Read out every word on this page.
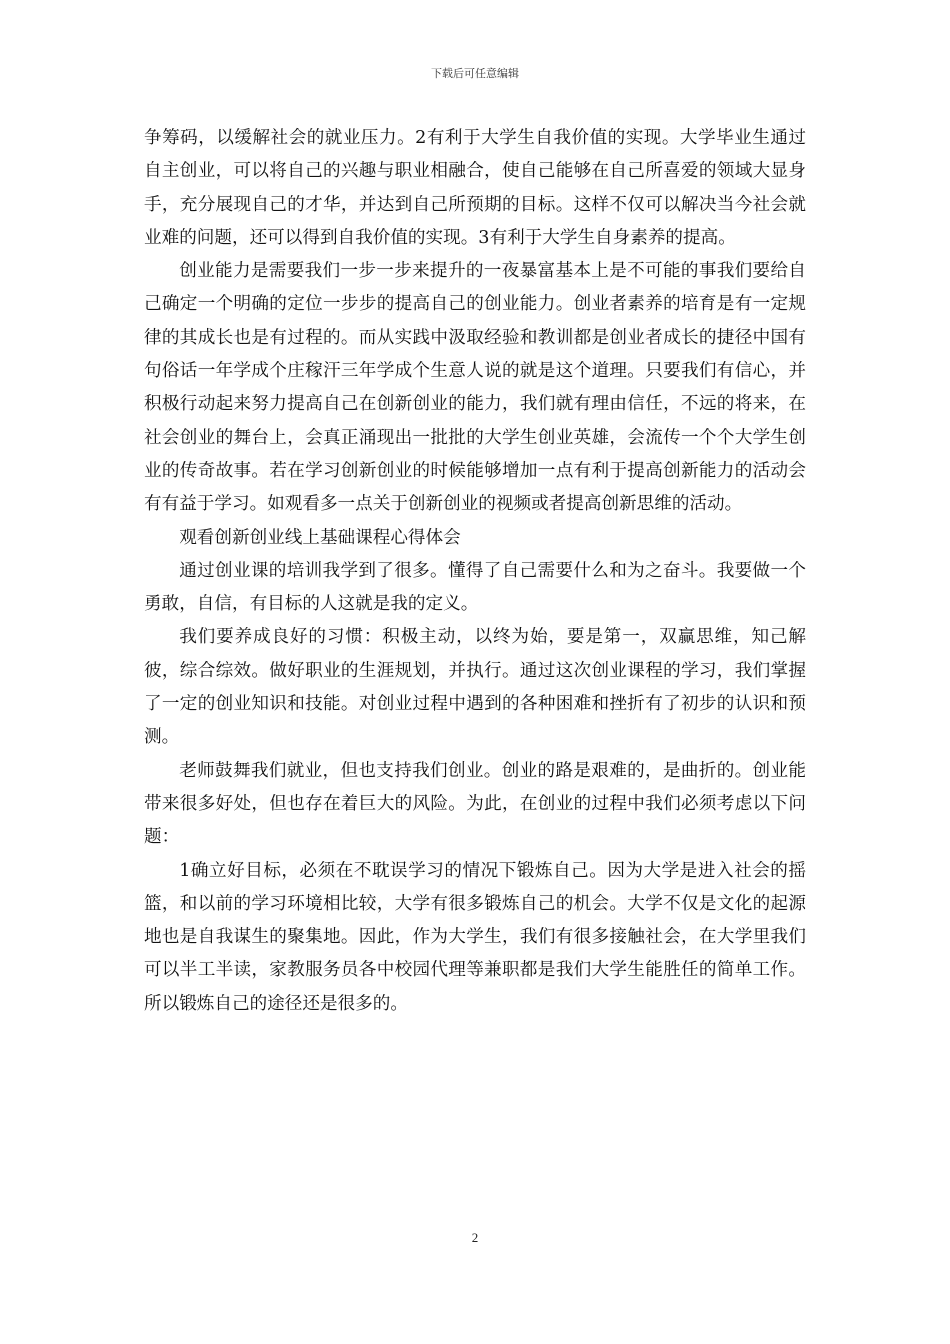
下载后可任意编辑

争筹码，以缓解社会的就业压力。2有利于大学生自我价值的实现。大学毕业生通过自主创业，可以将自己的兴趣与职业相融合，使自己能够在自己所喜爱的领域大显身手，充分展现自己的才华，并达到自己所预期的目标。这样不仅可以解决当今社会就业难的问题，还可以得到自我价值的实现。3有利于大学生自身素养的提高。

创业能力是需要我们一步一步来提升的一夜暴富基本上是不可能的事我们要给自己确定一个明确的定位一步步的提高自己的创业能力。创业者素养的培育是有一定规律的其成长也是有过程的。而从实践中汲取经验和教训都是创业者成长的捷径中国有句俗话一年学成个庄稼汗三年学成个生意人说的就是这个道理。只要我们有信心，并积极行动起来努力提高自己在创新创业的能力，我们就有理由信任，不远的将来，在社会创业的舞台上，会真正涌现出一批批的大学生创业英雄，会流传一个个大学生创业的传奇故事。若在学习创新创业的时候能够增加一点有利于提高创新能力的活动会有有益于学习。如观看多一点关于创新创业的视频或者提高创新思维的活动。

观看创新创业线上基础课程心得体会

通过创业课的培训我学到了很多。懂得了自己需要什么和为之奋斗。我要做一个勇敢，自信，有目标的人这就是我的定义。

我们要养成良好的习惯：积极主动，以终为始，要是第一，双赢思维，知己解彼，综合综效。做好职业的生涯规划，并执行。通过这次创业课程的学习，我们掌握了一定的创业知识和技能。对创业过程中遇到的各种困难和挫折有了初步的认识和预测。

老师鼓舞我们就业，但也支持我们创业。创业的路是艰难的，是曲折的。创业能带来很多好处，但也存在着巨大的风险。为此，在创业的过程中我们必须考虑以下问题：

1确立好目标，必须在不耽误学习的情况下锻炼自己。因为大学是进入社会的摇篮，和以前的学习环境相比较，大学有很多锻炼自己的机会。大学不仅是文化的起源地也是自我谋生的聚集地。因此，作为大学生，我们有很多接触社会，在大学里我们可以半工半读，家教服务员各中校园代理等兼职都是我们大学生能胜任的简单工作。所以锻炼自己的途径还是很多的。

2
